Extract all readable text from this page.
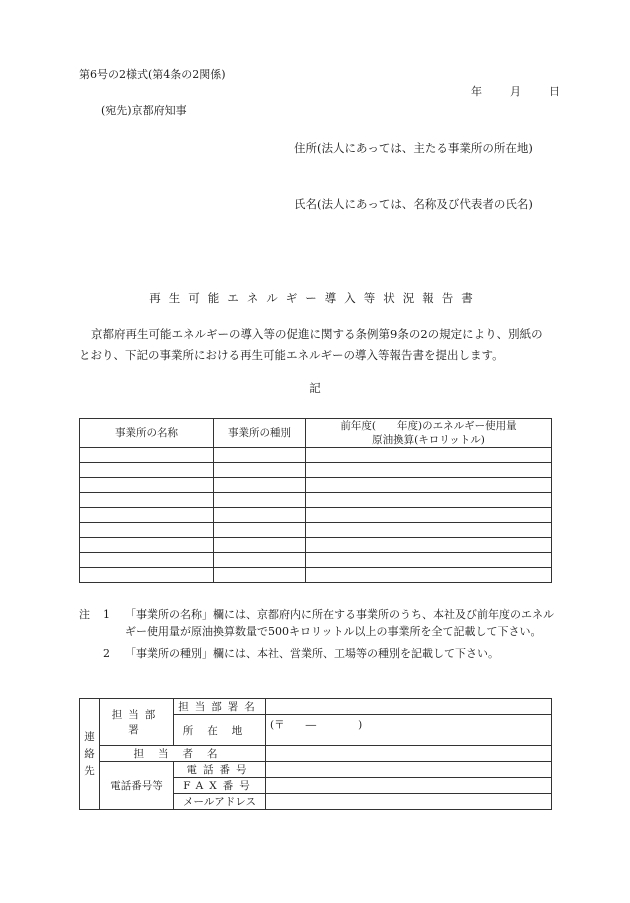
第6号の2様式(第4条の2関係)
年	月	日
(宛先)京都府知事
住所(法人にあっては、主たる事業所の所在地)
氏名(法人にあっては、名称及び代表者の氏名)
再生可能エネルギー導入等状況報告書

京都府再生可能エネルギーの導入等の促進に関する条例第9条の2の規定により、別紙の

とおり、下記の事業所における再生可能エネルギーの導入等報告書を提出します。

記
事業所の名称	事業所の種別	前年度(　　年度)のエネルギー使用量
原油換算(キロリットル)

注 1 「事業所の名称」欄には、京都府内に所在する事業所のうち、本社及び前年度のエネルギー使用量が原油換算数量で500キロリットル以上の事業所を全て記載して下さい。

2 「事業所の種別」欄には、本社、営業所、工場等の種別を記載して下さい。

連
絡
先	担当部署	担当部署名	
		所在地	(〒　　―　　　　)
	担当者名		
	電話番号等	電話番号	
		FAX番号	
		メールアドレス	
